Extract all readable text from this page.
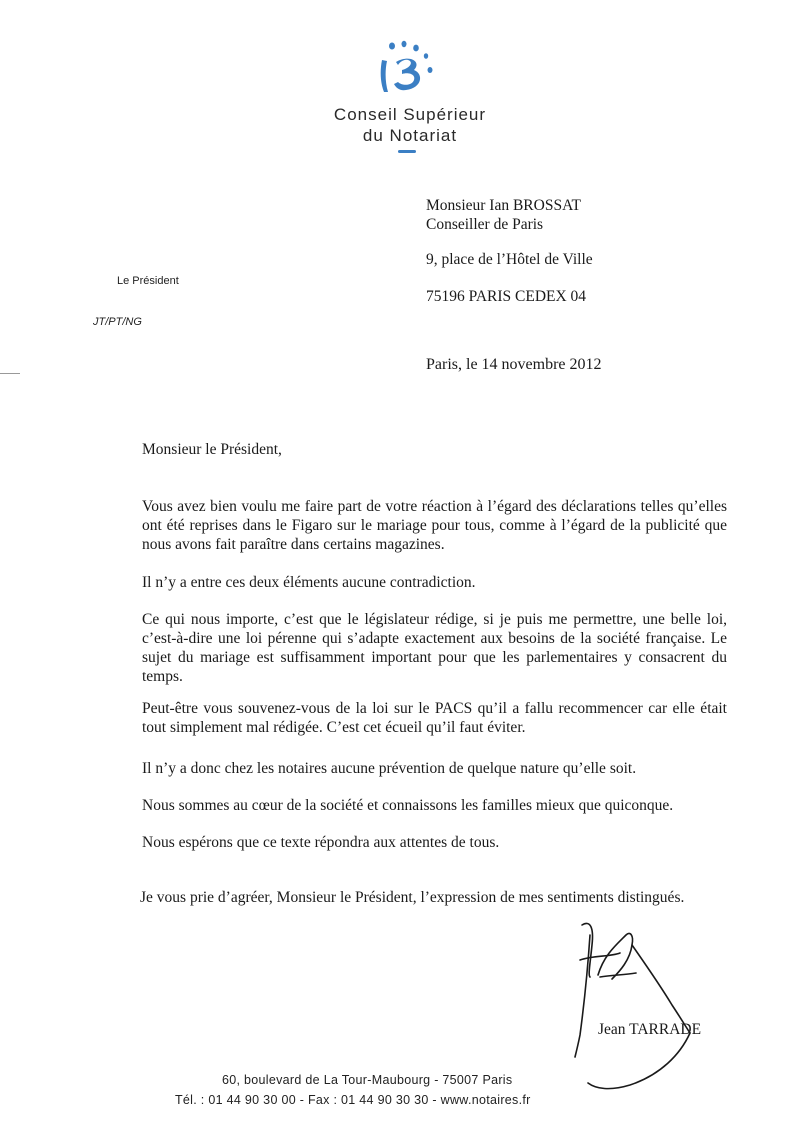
Conseil Supérieur
du Notariat
Monsieur Ian BROSSAT
Conseiller de Paris
9, place de l’Hôtel de Ville
75196 PARIS CEDEX 04
Le Président
JT/PT/NG
Paris, le 14 novembre 2012
Monsieur le Président,
Vous avez bien voulu me faire part de votre réaction à l’égard des déclarations telles qu’elles ont été reprises dans le Figaro sur le mariage pour tous, comme à l’égard de la publicité que nous avons fait paraître dans certains magazines.
Il n’y a entre ces deux éléments aucune contradiction.
Ce qui nous importe, c’est que le législateur rédige, si je puis me permettre, une belle loi, c’est-à-dire une loi pérenne qui s’adapte exactement aux besoins de la société française. Le sujet du mariage est suffisamment important pour que les parlementaires y consacrent du temps.
Peut-être vous souvenez-vous de la loi sur le PACS qu’il a fallu recommencer car elle était tout simplement mal rédigée. C’est cet écueil qu’il faut éviter.
Il n’y a donc chez les notaires aucune prévention de quelque nature qu’elle soit.
Nous sommes au cœur de la société et connaissons les familles mieux que quiconque.
Nous espérons que ce texte répondra aux attentes de tous.
Je vous prie d’agréer, Monsieur le Président, l’expression de mes sentiments distingués.
Jean TARRADE
60, boulevard de La Tour-Maubourg - 75007 Paris
Tél. : 01 44 90 30 00 - Fax : 01 44 90 30 30 - www.notaires.fr
